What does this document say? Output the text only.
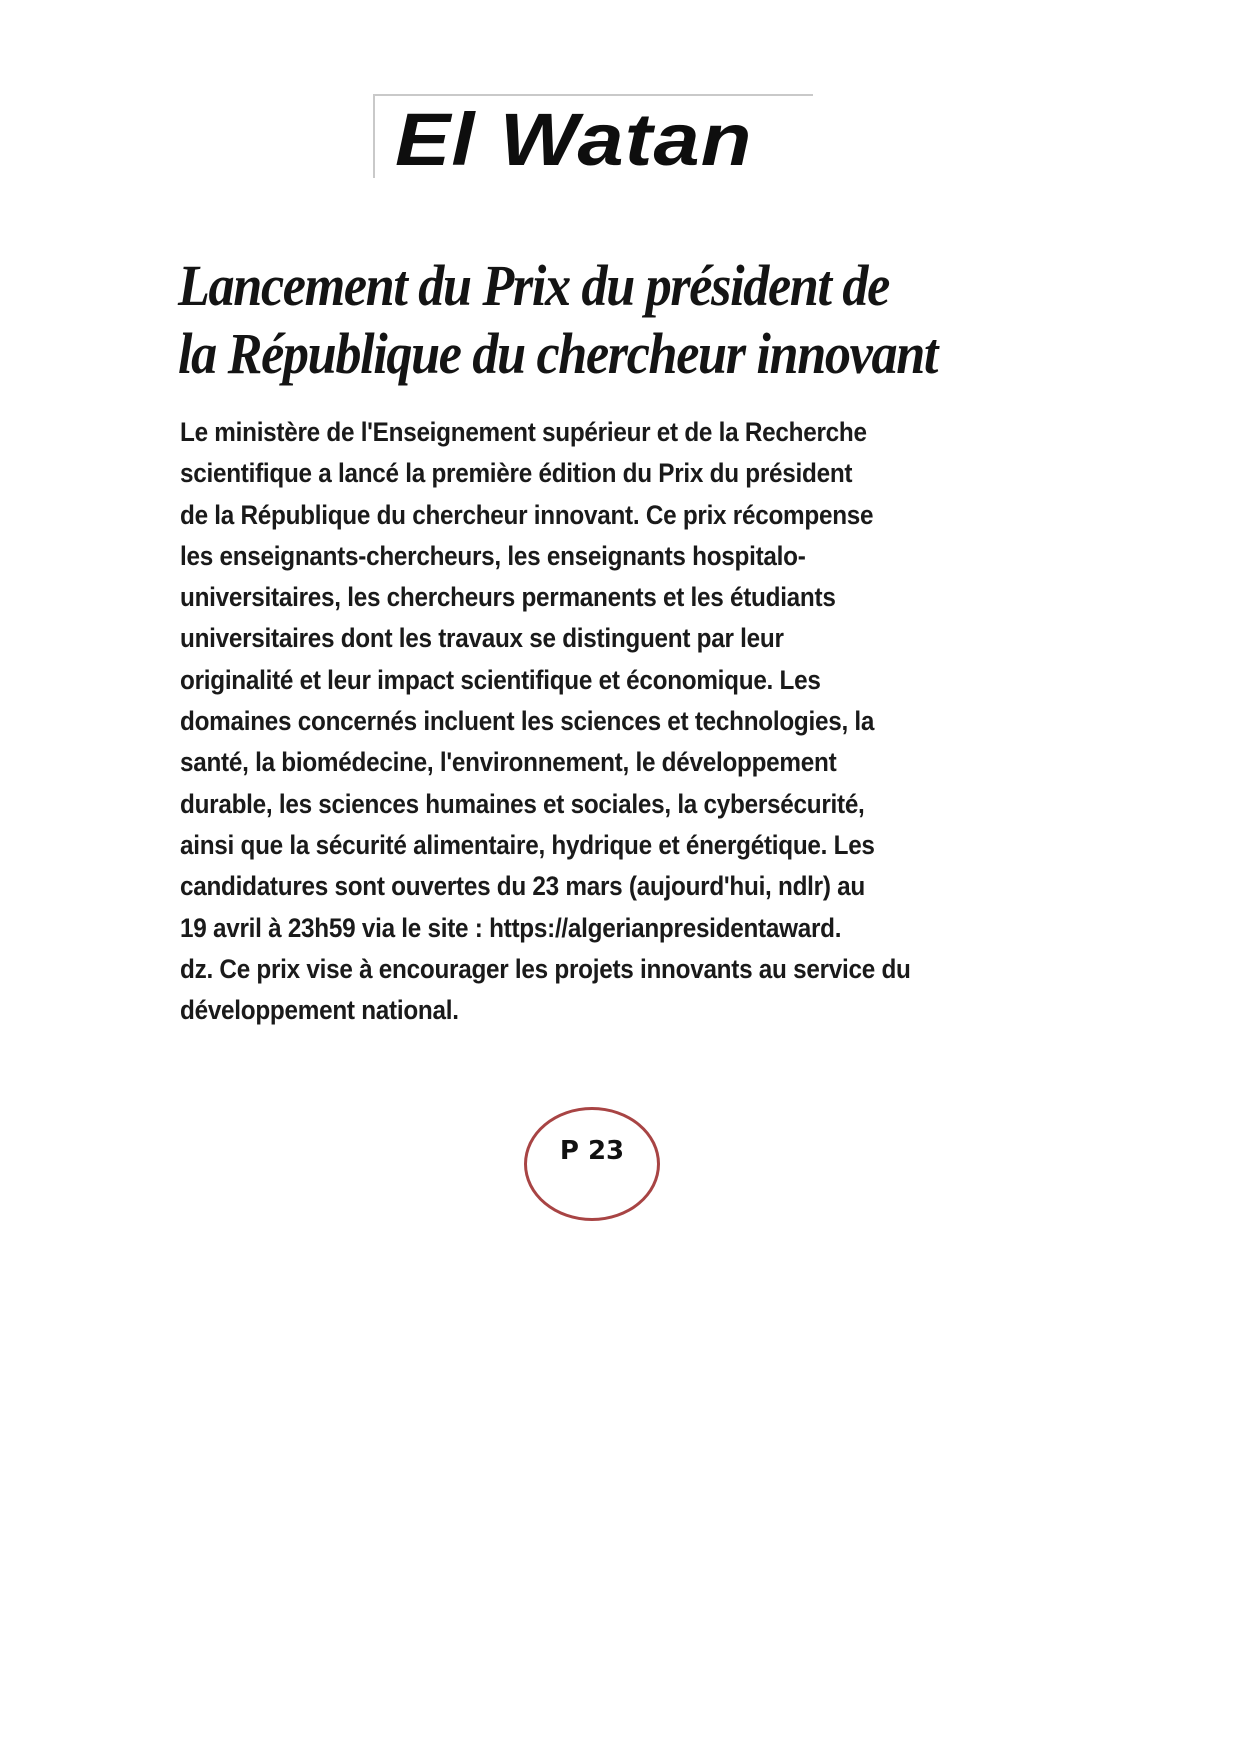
El Watan
Lancement du Prix du président de
la République du chercheur innovant
Le ministère de l'Enseignement supérieur et de la Recherche
scientifique a lancé la première édition du Prix du président
de la République du chercheur innovant. Ce prix récompense
les enseignants-chercheurs, les enseignants hospitalo-
universitaires, les chercheurs permanents et les étudiants
universitaires dont les travaux se distinguent par leur
originalité et leur impact scientifique et économique. Les
domaines concernés incluent les sciences et technologies, la
santé, la biomédecine, l'environnement, le développement
durable, les sciences humaines et sociales, la cybersécurité,
ainsi que la sécurité alimentaire, hydrique et énergétique. Les
candidatures sont ouvertes du 23 mars (aujourd'hui, ndlr) au
19 avril à 23h59 via le site : https://algerianpresidentaward.
dz. Ce prix vise à encourager les projets innovants au service du
développement national.
P 23
